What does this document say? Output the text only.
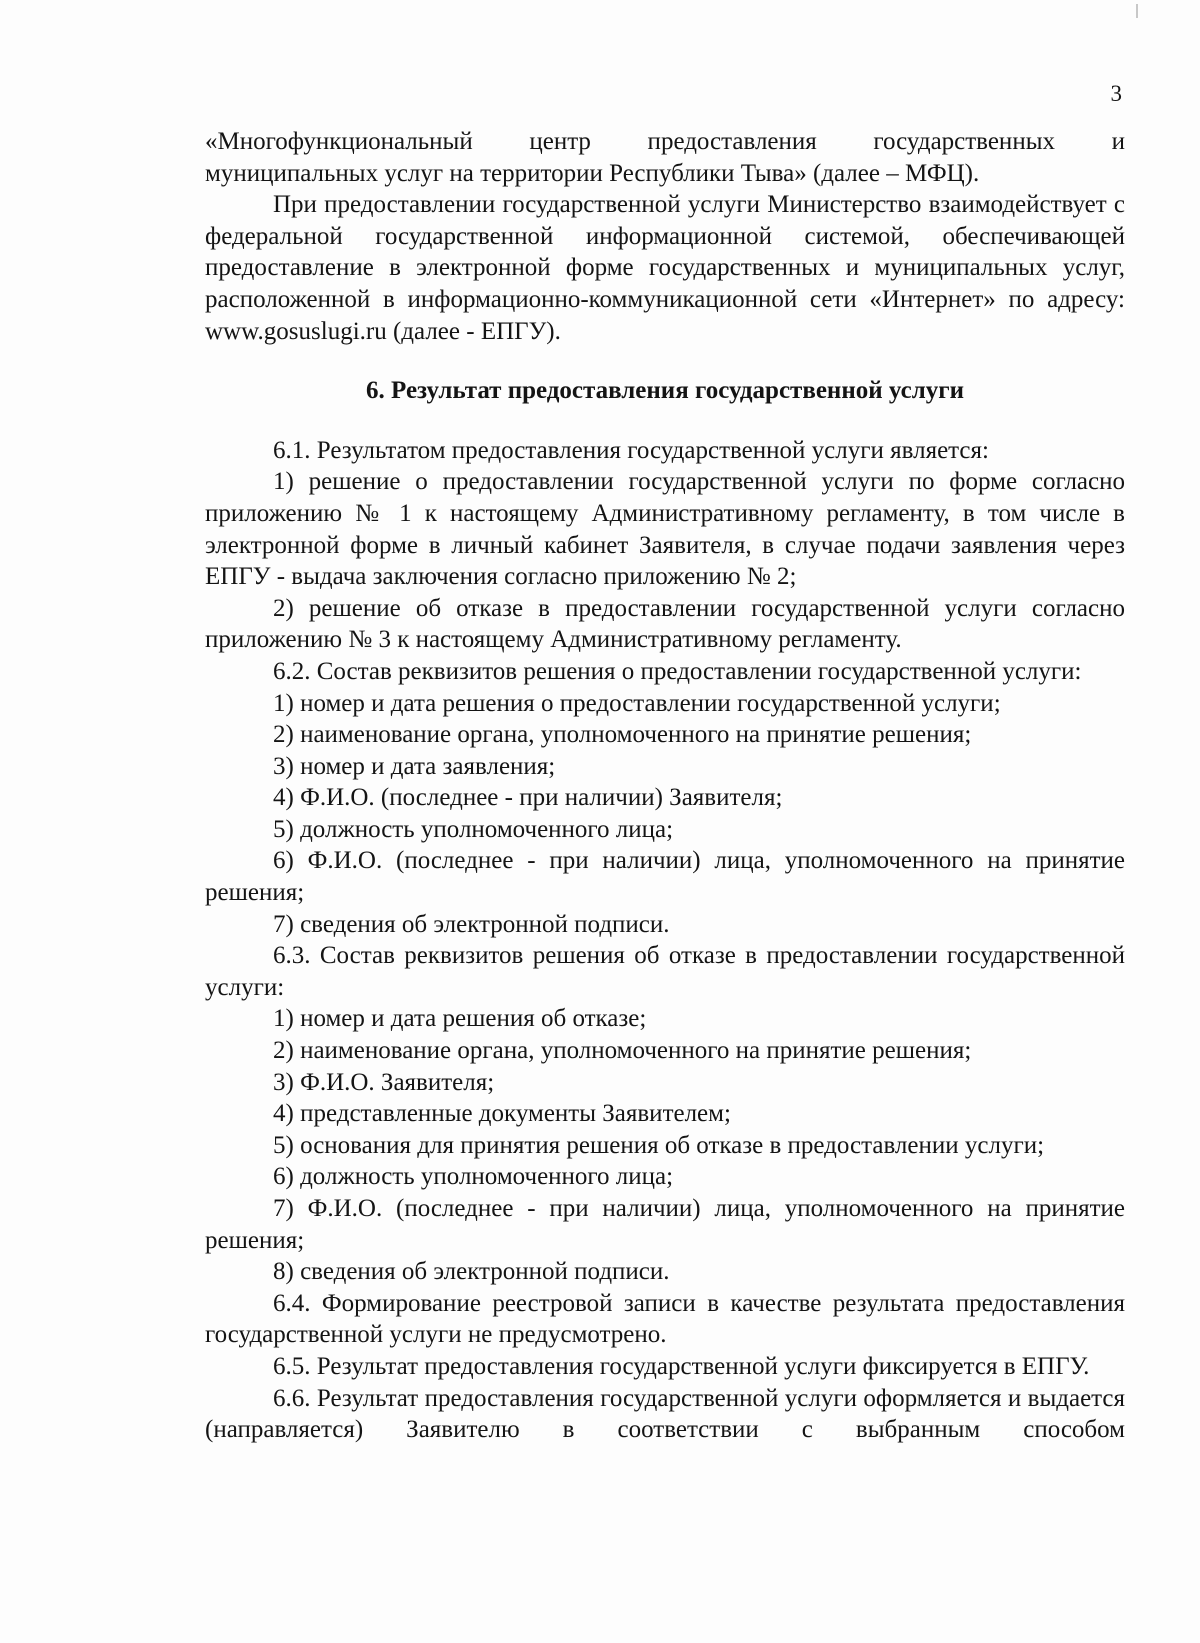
3

«Многофункциональный центр предоставления государственных и

муниципальных услуг на территории Республики Тыва» (далее – МФЦ).

При предоставлении государственной услуги Министерство взаимодействует с федеральной государственной информационной системой, обеспечивающей предоставление в электронной форме государственных и муниципальных услуг, расположенной в информационно-коммуникационной сети «Интернет» по адресу: www.gosuslugi.ru (далее - ЕПГУ).

6. Результат предоставления государственной услуги

6.1. Результатом предоставления государственной услуги является:

1) решение о предоставлении государственной услуги по форме согласно приложению № 1 к настоящему Административному регламенту, в том числе в электронной форме в личный кабинет Заявителя, в случае подачи заявления через ЕПГУ - выдача заключения согласно приложению № 2;

2) решение об отказе в предоставлении государственной услуги согласно приложению № 3 к настоящему Административному регламенту.

6.2. Состав реквизитов решения о предоставлении государственной услуги:

1) номер и дата решения о предоставлении государственной услуги;

2) наименование органа, уполномоченного на принятие решения;

3) номер и дата заявления;

4) Ф.И.О. (последнее - при наличии) Заявителя;

5) должность уполномоченного лица;

6) Ф.И.О. (последнее - при наличии) лица, уполномоченного на принятие решения;

7) сведения об электронной подписи.

6.3. Состав реквизитов решения об отказе в предоставлении государственной услуги:

1) номер и дата решения об отказе;

2) наименование органа, уполномоченного на принятие решения;

3) Ф.И.О. Заявителя;

4) представленные документы Заявителем;

5) основания для принятия решения об отказе в предоставлении услуги;

6) должность уполномоченного лица;

7) Ф.И.О. (последнее - при наличии) лица, уполномоченного на принятие решения;

8) сведения об электронной подписи.

6.4. Формирование реестровой записи в качестве результата предоставления государственной услуги не предусмотрено.

6.5. Результат предоставления государственной услуги фиксируется в ЕПГУ.

6.6. Результат предоставления государственной услуги оформляется и выдается (направляется) Заявителю в соответствии с выбранным способом
